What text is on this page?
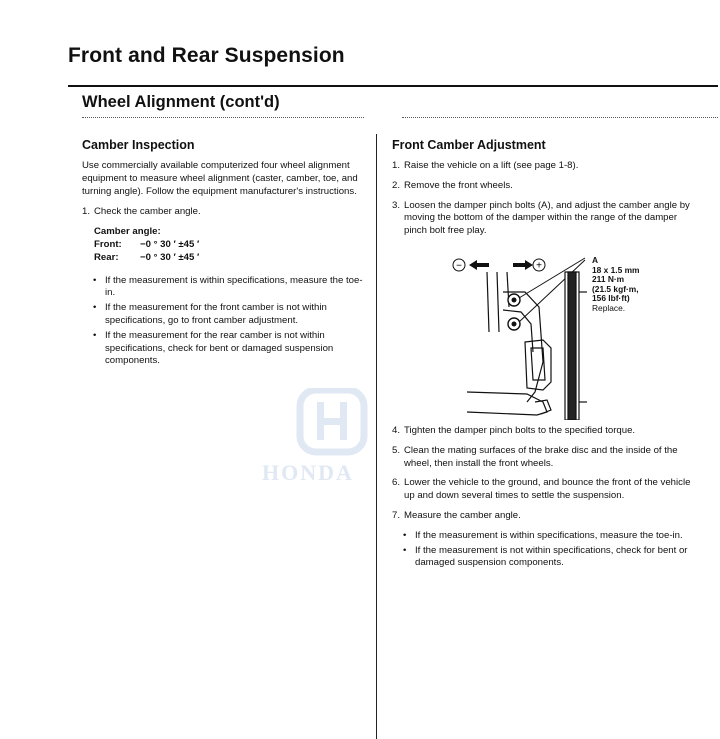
Front and Rear Suspension
Wheel Alignment (cont'd)
HONDA
Camber Inspection

Use commercially available computerized four wheel alignment equipment to measure wheel alignment (caster, camber, toe, and turning angle). Follow the equipment manufacturer's instructions.

1. Check the camber angle.
Camber angle:
Front:	−0 ° 30 ′ ±45 ′
Rear:	−0 ° 30 ′ ±45 ′
• If the measurement is within specifications, measure the toe-in.
• If the measurement for the front camber is not within specifications, go to front camber adjustment.
• If the measurement for the rear camber is not within specifications, check for bent or damaged suspension components.
Front Camber Adjustment
1. Raise the vehicle on a lift (see page 1-8).
2. Remove the front wheels.
3. Loosen the damper pinch bolts (A), and adjust the camber angle by moving the bottom of the damper within the range of the damper pinch bolt free play.
4. Tighten the damper pinch bolts to the specified torque.
5. Clean the mating surfaces of the brake disc and the inside of the wheel, then install the front wheels.
6. Lower the vehicle to the ground, and bounce the front of the vehicle up and down several times to settle the suspension.
7. Measure the camber angle.
• If the measurement is within specifications, measure the toe-in.
• If the measurement is not within specifications, check for bent or damaged suspension components.
−	+
A
18 x 1.5 mm
211 N·m
(21.5 kgf·m,
156 lbf·ft)
Replace.
